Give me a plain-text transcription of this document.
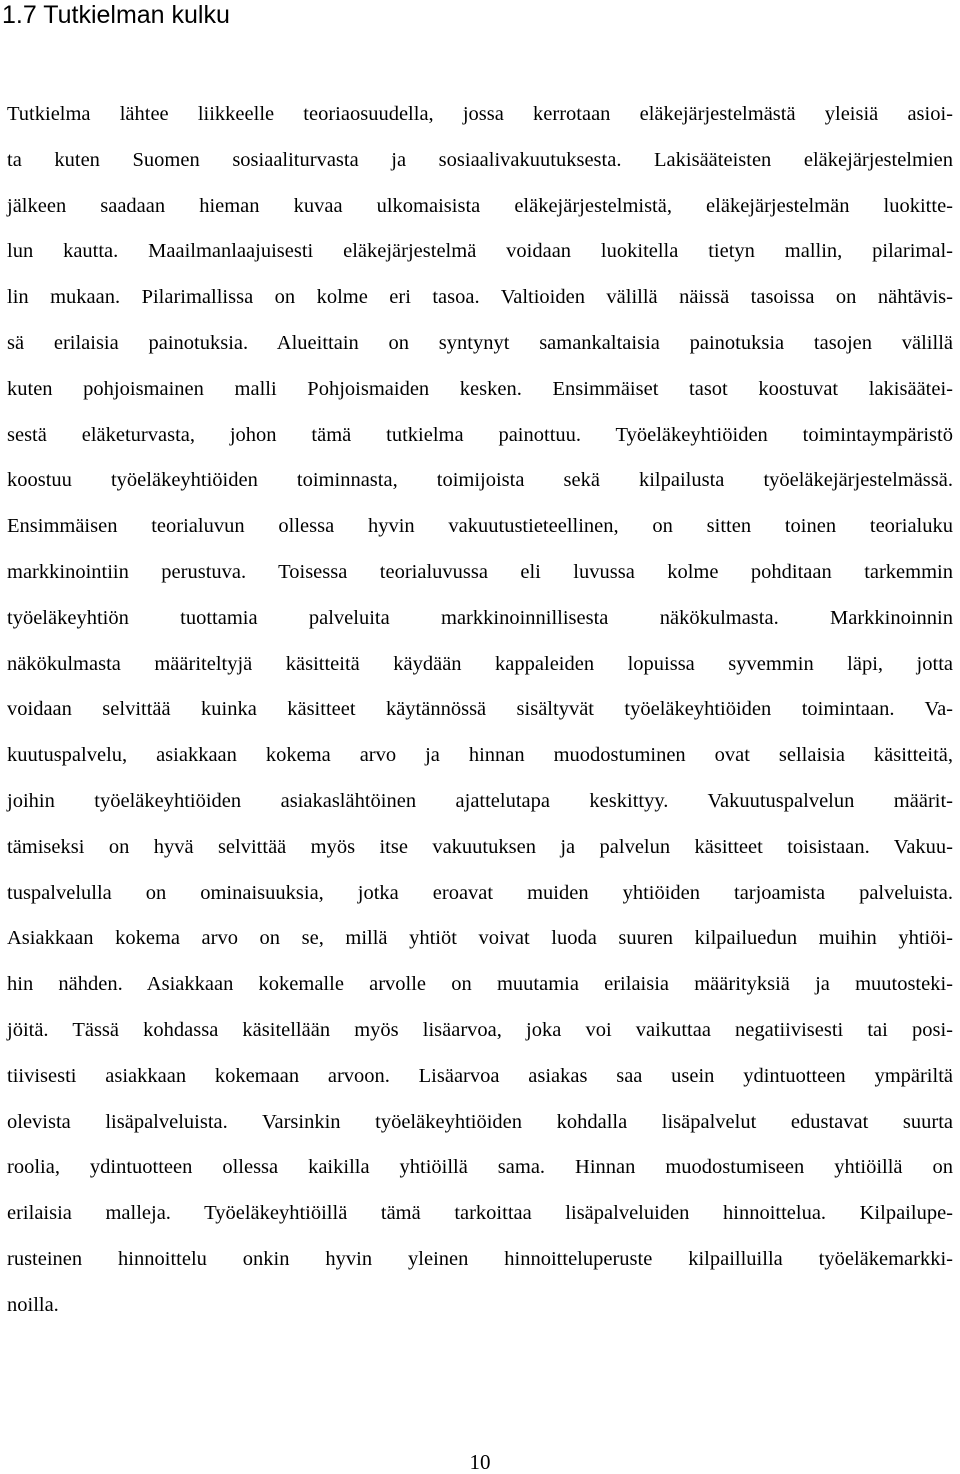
1.7 Tutkielman kulku
Tutkielma lähtee liikkeelle teoriaosuudella, jossa kerrotaan eläkejärjestelmästä yleisiä asioi-
ta kuten Suomen sosiaaliturvasta ja sosiaalivakuutuksesta. Lakisääteisten eläkejärjestelmien
jälkeen saadaan hieman kuvaa ulkomaisista eläkejärjestelmistä, eläkejärjestelmän luokitte-
lun kautta. Maailmanlaajuisesti eläkejärjestelmä voidaan luokitella tietyn mallin, pilarimal-
lin mukaan. Pilarimallissa on kolme eri tasoa. Valtioiden välillä näissä tasoissa on nähtävis-
sä erilaisia painotuksia. Alueittain on syntynyt samankaltaisia painotuksia tasojen välillä
kuten pohjoismainen malli Pohjoismaiden kesken. Ensimmäiset tasot koostuvat lakisäätei-
sestä eläketurvasta, johon tämä tutkielma painottuu. Työeläkeyhtiöiden toimintaympäristö
koostuu työeläkeyhtiöiden toiminnasta, toimijoista sekä kilpailusta työeläkejärjestelmässä.
Ensimmäisen teorialuvun ollessa hyvin vakuutustieteellinen, on sitten toinen teorialuku
markkinointiin perustuva. Toisessa teorialuvussa eli luvussa kolme pohditaan tarkemmin
työeläkeyhtiön tuottamia palveluita markkinoinnillisesta näkökulmasta. Markkinoinnin
näkökulmasta määriteltyjä käsitteitä käydään kappaleiden lopuissa syvemmin läpi, jotta
voidaan selvittää kuinka käsitteet käytännössä sisältyvät työeläkeyhtiöiden toimintaan. Va-
kuutuspalvelu, asiakkaan kokema arvo ja hinnan muodostuminen ovat sellaisia käsitteitä,
joihin työeläkeyhtiöiden asiakaslähtöinen ajattelutapa keskittyy. Vakuutuspalvelun määrit-
tämiseksi on hyvä selvittää myös itse vakuutuksen ja palvelun käsitteet toisistaan. Vakuu-
tuspalvelulla on ominaisuuksia, jotka eroavat muiden yhtiöiden tarjoamista palveluista.
Asiakkaan kokema arvo on se, millä yhtiöt voivat luoda suuren kilpailuedun muihin yhtiöi-
hin nähden. Asiakkaan kokemalle arvolle on muutamia erilaisia määrityksiä ja muutosteki-
jöitä. Tässä kohdassa käsitellään myös lisäarvoa, joka voi vaikuttaa negatiivisesti tai posi-
tiivisesti asiakkaan kokemaan arvoon. Lisäarvoa asiakas saa usein ydintuotteen ympäriltä
olevista lisäpalveluista. Varsinkin työeläkeyhtiöiden kohdalla lisäpalvelut edustavat suurta
roolia, ydintuotteen ollessa kaikilla yhtiöillä sama. Hinnan muodostumiseen yhtiöillä on
erilaisia malleja. Työeläkeyhtiöillä tämä tarkoittaa lisäpalveluiden hinnoittelua. Kilpailupe-
rusteinen hinnoittelu onkin hyvin yleinen hinnoitteluperuste kilpailluilla työeläkemarkki-
noilla.
10
